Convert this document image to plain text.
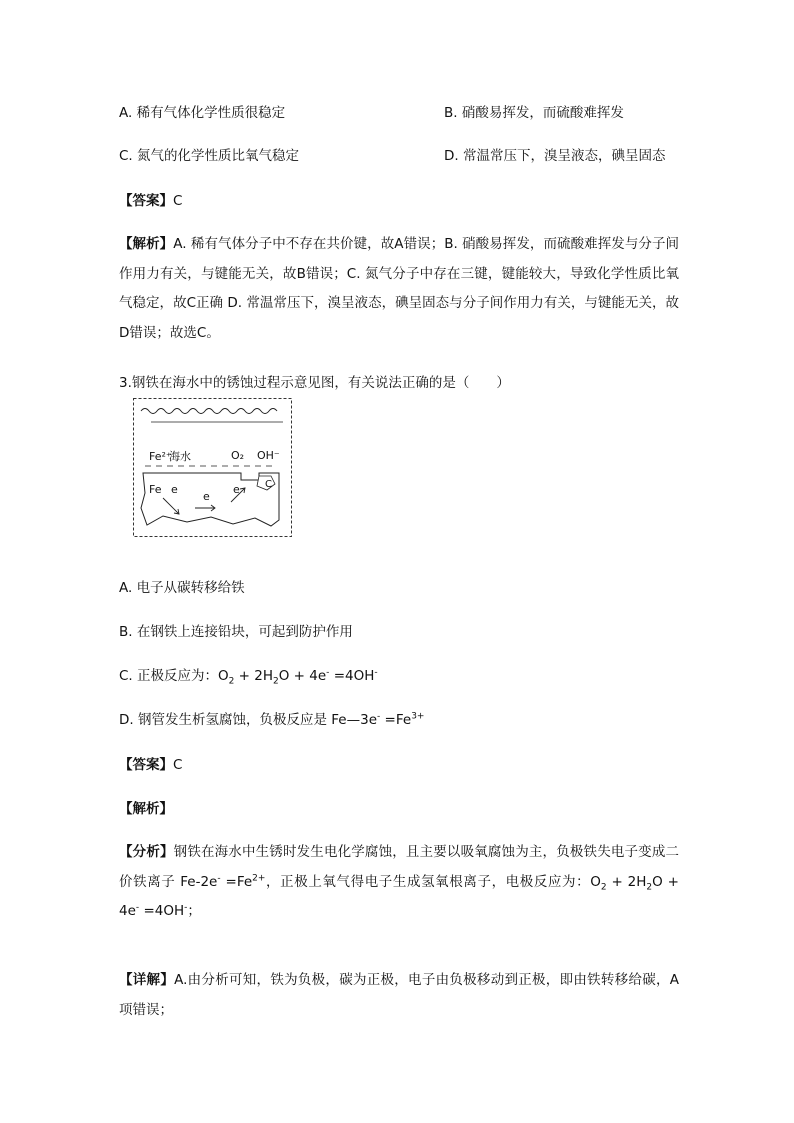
A. 稀有气体化学性质很稳定	B. 硝酸易挥发，而硫酸难挥发
C. 氮气的化学性质比氧气稳定	D. 常温常压下，溴呈液态，碘呈固态
【答案】C
【解析】A. 稀有气体分子中不存在共价键，故A错误；B. 硝酸易挥发，而硫酸难挥发与分子间作用力有关，与键能无关，故B错误；C. 氮气分子中存在三键，键能较大，导致化学性质比氧气稳定，故C正确 D. 常温常压下，溴呈液态，碘呈固态与分子间作用力有关，与键能无关，故D错误；故选C。
3.钢铁在海水中的锈蚀过程示意见图，有关说法正确的是（　　）
Fe²⁺
海水	O₂ OH⁻
C
Fe e
e
e
A. 电子从碳转移给铁
B. 在钢铁上连接铅块，可起到防护作用
C. 正极反应为：$O_2 + 2H_2O + 4e^- =4OH^-$
D. 钢管发生析氢腐蚀，负极反应是 Fe—3e- $=Fe^{3+}$
【答案】C
【解析】
【分析】钢铁在海水中生锈时发生电化学腐蚀，且主要以吸氧腐蚀为主，负极铁失电子变成二价铁离子 $Fe-2e^- =Fe^{2+}$，正极上氧气得电子生成氢氧根离子，电极反应为：$O_2 + 2H_2O + 4e^- =4OH^-$；
【详解】A.由分析可知，铁为负极，碳为正极，电子由负极移动到正极，即由铁转移给碳，A项错误；
